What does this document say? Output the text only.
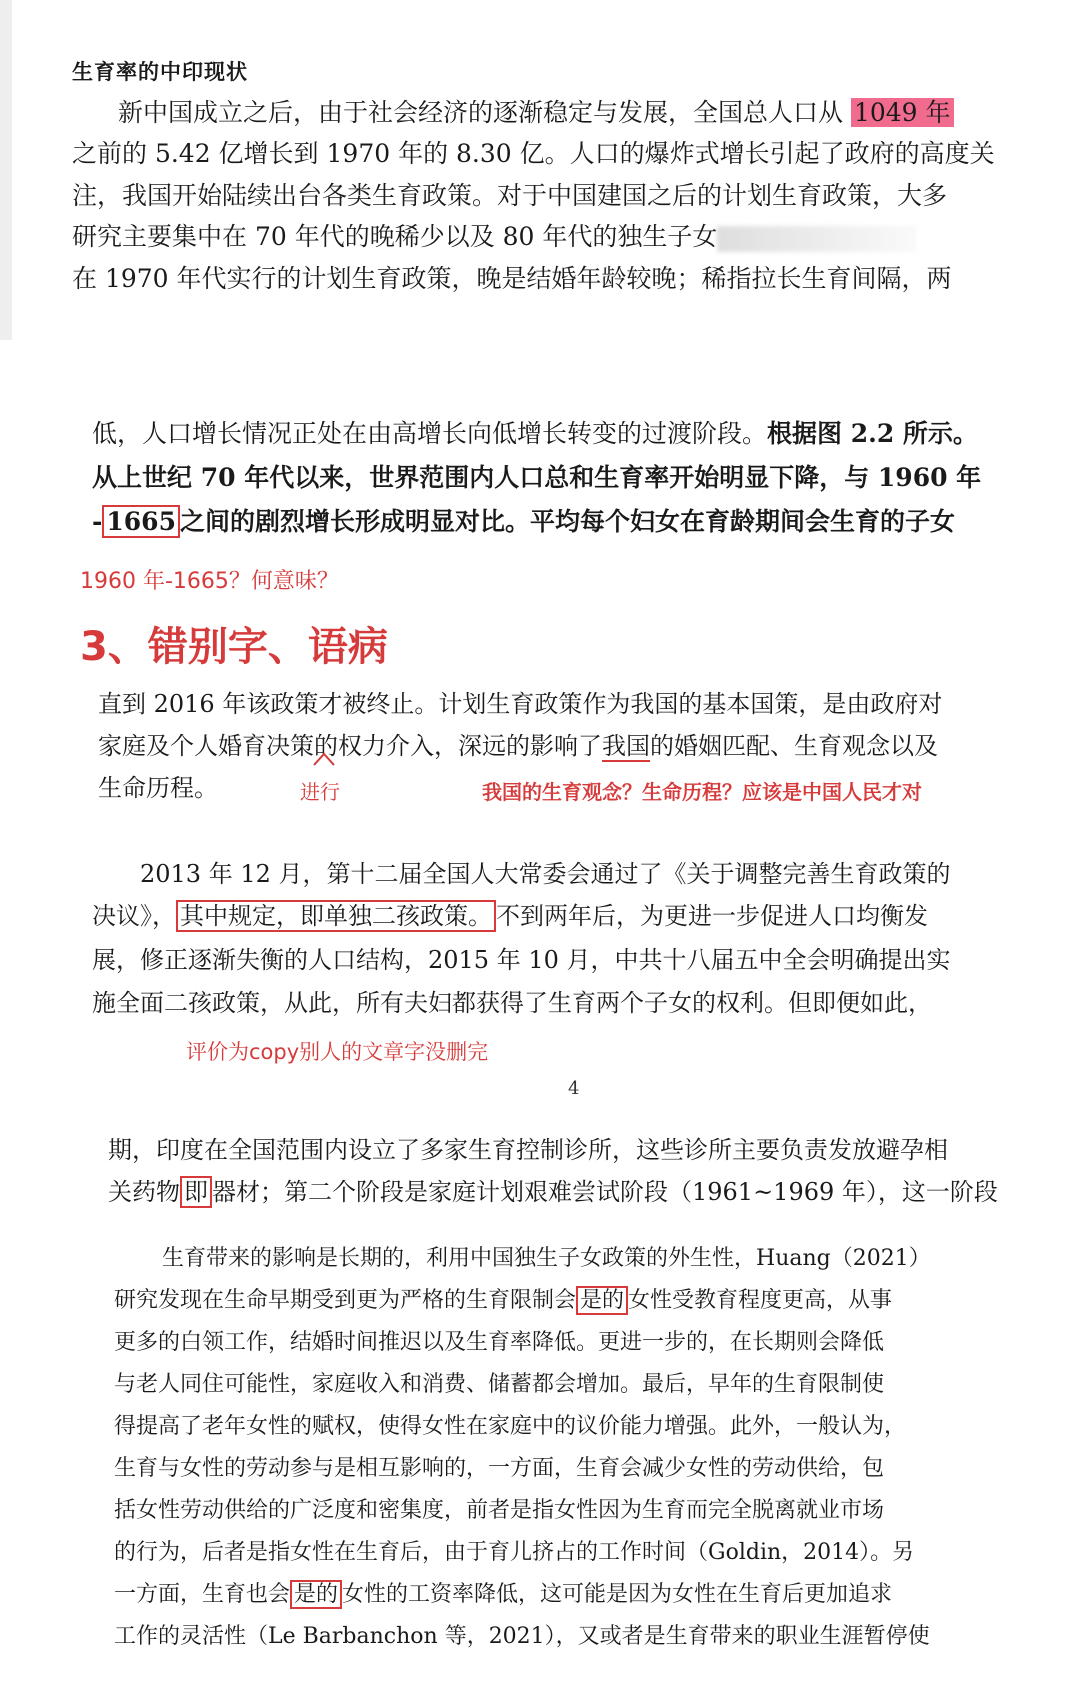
生育率的中印现状
新中国成立之后，由于社会经济的逐渐稳定与发展，全国总人口从 1049 年
之前的 5.42 亿增长到 1970 年的 8.30 亿。人口的爆炸式增长引起了政府的高度关
注，我国开始陆续出台各类生育政策。对于中国建国之后的计划生育政策，大多
研究主要集中在 70 年代的晚稀少以及 80 年代的独生子女
在 1970 年代实行的计划生育政策，晚是结婚年龄较晚；稀指拉长生育间隔，两
低，人口增长情况正处在由高增长向低增长转变的过渡阶段。根据图 2.2 所示。
从上世纪 70 年代以来，世界范围内人口总和生育率开始明显下降，与 1960 年
- 1665 之间的剧烈增长形成明显对比。平均每个妇女在育龄期间会生育的子女
1960 年-1665？何意味？
3、错别字、语病
直到 2016 年该政策才被终止。计划生育政策作为我国的基本国策，是由政府对
家庭及个人婚育决策的权力介入，深远的影响了我国的婚姻匹配、生育观念以及
生命历程。	进行	我国的生育观念？生命历程？应该是中国人民才对
2013 年 12 月，第十二届全国人大常委会通过了《关于调整完善生育政策的
决议》， 其中规定，即单独二孩政策。 不到两年后，为更进一步促进人口均衡发
展，修正逐渐失衡的人口结构，2015 年 10 月，中共十八届五中全会明确提出实
施全面二孩政策，从此，所有夫妇都获得了生育两个子女的权利。但即便如此，
评价为copy别人的文章字没删完
4
期，印度在全国范围内设立了多家生育控制诊所，这些诊所主要负责发放避孕相
关药物 即 器材；第二个阶段是家庭计划艰难尝试阶段（1961~1969 年），这一阶段
生育带来的影响是长期的，利用中国独生子女政策的外生性，Huang（2021）
研究发现在生命早期受到更为严格的生育限制会 是的 女性受教育程度更高，从事
更多的白领工作，结婚时间推迟以及生育率降低。更进一步的，在长期则会降低
与老人同住可能性，家庭收入和消费、储蓄都会增加。最后，早年的生育限制使
得提高了老年女性的赋权，使得女性在家庭中的议价能力增强。此外，一般认为，
生育与女性的劳动参与是相互影响的，一方面，生育会减少女性的劳动供给，包
括女性劳动供给的广泛度和密集度，前者是指女性因为生育而完全脱离就业市场
的行为，后者是指女性在生育后，由于育儿挤占的工作时间（Goldin，2014）。另
一方面，生育也会 是的 女性的工资率降低，这可能是因为女性在生育后更加追求
工作的灵活性（Le Barbanchon 等，2021），又或者是生育带来的职业生涯暂停使
